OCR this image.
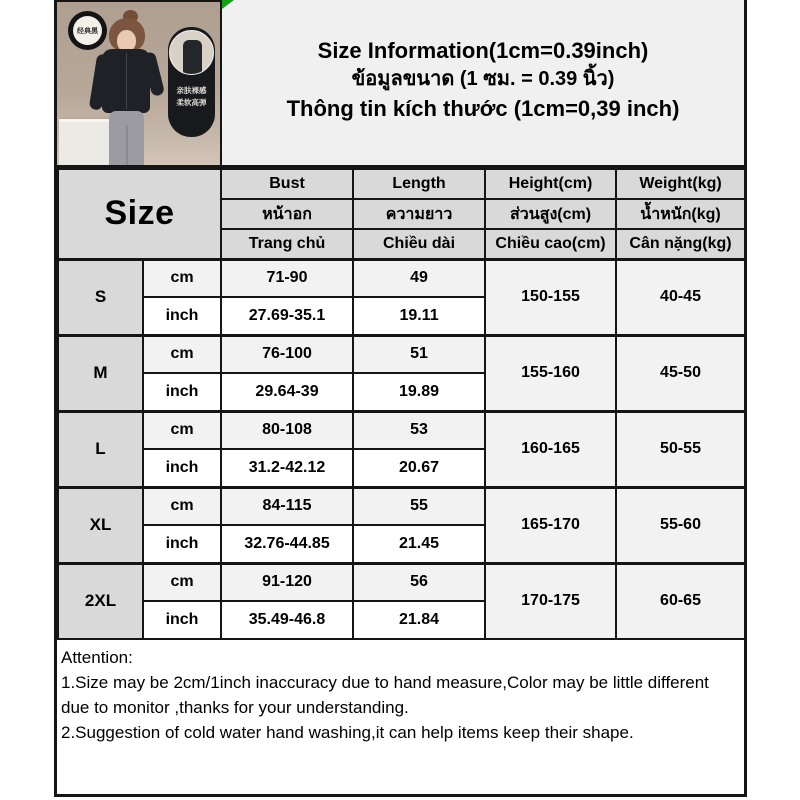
经典黑
亲肤裸感
柔软高弹
Size Information(1cm=0.39inch)
ข้อมูลขนาด (1 ซม. = 0.39 นิ้ว)
Thông tin kích thước (1cm=0,39 inch)
Size		Bust	Length	Height(cm)	Weight(kg)
		หน้าอก	ความยาว	ส่วนสูง(cm)	น้ำหนัก(kg)
		Trang chủ	Chiều dài	Chiều cao(cm)	Cân nặng(kg)
S	cm	71-90	49	150-155	40-45
	inch	27.69-35.1	19.11		
M	cm	76-100	51	155-160	45-50
	inch	29.64-39	19.89		
L	cm	80-108	53	160-165	50-55
	inch	31.2-42.12	20.67		
XL	cm	84-115	55	165-170	55-60
	inch	32.76-44.85	21.45		
2XL	cm	91-120	56	170-175	60-65
	inch	35.49-46.8	21.84		
Attention:
1.Size may be 2cm/1inch inaccuracy due to hand measure,Color may be little different due to monitor ,thanks for your understanding.
2.Suggestion of cold water hand washing,it can help items keep their shape.
